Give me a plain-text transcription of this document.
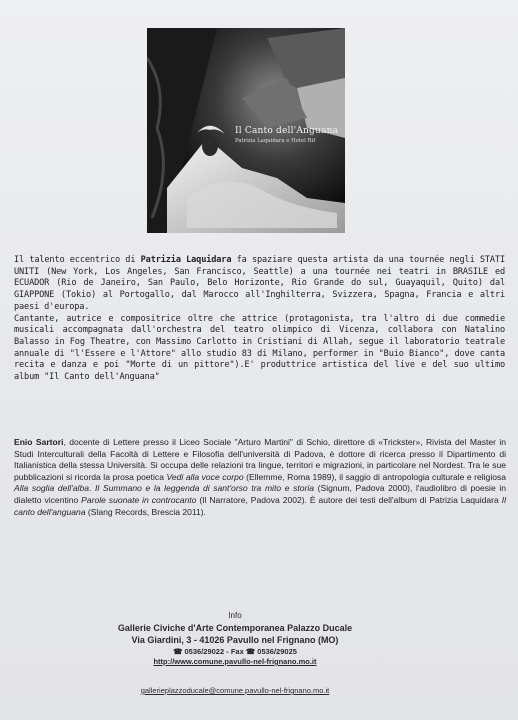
Il Canto dell'Anguana
Patrizia Laquidara e Hotel Rif

Il talento eccentrico di Patrizia Laquidara fa spaziare questa artista da una tournée negli STATI UNITI (New York, Los Angeles, San Francisco, Seattle) a una tournée nei teatri in BRASILE ed ECUADOR (Rio de Janeiro, San Paulo, Belo Horizonte, Rio Grande do sul, Guayaquil, Quito) dal GIAPPONE (Tokio) al Portogallo, dal Marocco all'Inghilterra, Svizzera, Spagna, Francia e altri paesi d'europa.

Cantante, autrice e compositrice oltre che attrice (protagonista, tra l'altro di due commedie musicali accompagnata dall'orchestra del teatro olimpico di Vicenza, collabora con Natalino Balasso in Fog Theatre, con Massimo Carlotto in Cristiani di Allah, segue il laboratorio teatrale annuale di "l'Essere e l'Attore" allo studio 83 di Milano, performer in "Buio Bianco", dove canta recita e danza e poi "Morte di un pittore").E' produttrice artistica del live e del suo ultimo album "Il Canto dell'Anguana"

Enio Sartori, docente di Lettere presso il Liceo Sociale "Arturo Martini" di Schio, direttore di «Trickster», Rivista del Master in Studi Interculturali della Facoltà di Lettere e Filosofia dell'università di Padova, è dottore di ricerca presso il Dipartimento di Italianistica della stessa Università. Si occupa delle relazioni tra lingue, territori e migrazioni, in particolare nel Nordest. Tra le sue pubblicazioni si ricorda la prosa poetica Vedi alla voce corpo (Ellemme, Roma 1989), il saggio di antropologia culturale e religiosa Alla soglia dell'alba. Il Summano e la leggenda di sant'orso tra mito e storia (Signum, Padova 2000), l'audiolibro di poesie in dialetto vicentino Parole suonate in controcanto (Il Narratore, Padova 2002). È autore dei testi dell'album di Patrizia Laquidara Il canto dell'anguana (Slang Records, Brescia 2011).

Info
Gallerie Civiche d'Arte Contemporanea Palazzo Ducale
Via Giardini, 3 - 41026 Pavullo nel Frignano (MO)
☎ 0536/29022 - Fax ☎ 0536/29025
http://www.comune.pavullo-nel-frignano.mo.it
gallerieplazzoducale@comune.pavullo-nel-frignano.mo.it
